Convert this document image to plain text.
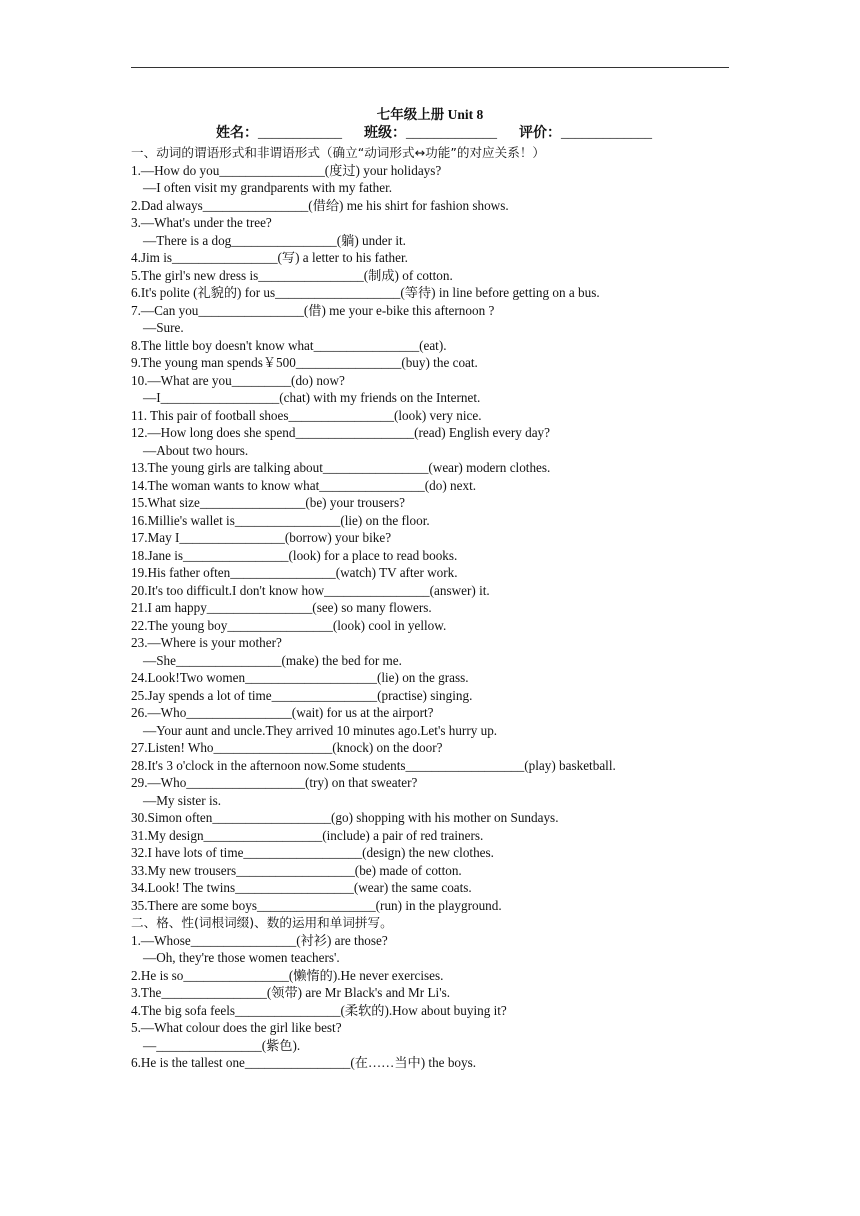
七年级上册 Unit 8
姓名：____________ 班级：_____________ 评价：_____________
一、动词的谓语形式和非谓语形式（确立“动词形式↔功能”的对应关系！）
1.—How do you________________(度过) your holidays?
—I often visit my grandparents with my father.
2.Dad always________________(借给) me his shirt for fashion shows.
3.—What's under the tree?
—There is a dog________________(躺) under it.
4.Jim is________________(写) a letter to his father.
5.The girl's new dress is________________(制成) of cotton.
6.It's polite (礼貌的) for us___________________(等待) in line before getting on a bus.
7.—Can you________________(借) me your e-bike this afternoon ?
—Sure.
8.The little boy doesn't know what________________(eat).
9.The young man spends￥500________________(buy) the coat.
10.—What are you_________(do) now?
—I__________________(chat) with my friends on the Internet.
11. This pair of football shoes________________(look) very nice.
12.—How long does she spend__________________(read) English every day?
—About two hours.
13.The young girls are talking about________________(wear) modern clothes.
14.The woman wants to know what________________(do) next.
15.What size________________(be) your trousers?
16.Millie's wallet is________________(lie) on the floor.
17.May I________________(borrow) your bike?
18.Jane is________________(look) for a place to read books.
19.His father often________________(watch) TV after work.
20.It's too difficult.I don't know how________________(answer) it.
21.I am happy________________(see) so many flowers.
22.The young boy________________(look) cool in yellow.
23.—Where is your mother?
—She________________(make) the bed for me.
24.Look!Two women____________________(lie) on the grass.
25.Jay spends a lot of time________________(practise) singing.
26.—Who________________(wait) for us at the airport?
—Your aunt and uncle.They arrived 10 minutes ago.Let's hurry up.
27.Listen! Who__________________(knock) on the door?
28.It's 3 o'clock in the afternoon now.Some students__________________(play) basketball.
29.—Who__________________(try) on that sweater?
—My sister is.
30.Simon often__________________(go) shopping with his mother on Sundays.
31.My design__________________(include) a pair of red trainers.
32.I have lots of time__________________(design) the new clothes.
33.My new trousers__________________(be) made of cotton.
34.Look! The twins__________________(wear) the same coats.
35.There are some boys__________________(run) in the playground.
二、格、性(词根词缀)、数的运用和单词拼写。
1.—Whose________________(衬衫) are those?
—Oh, they're those women teachers'.
2.He is so________________(懒惰的).He never exercises.
3.The________________(领带) are Mr Black's and Mr Li's.
4.The big sofa feels________________(柔软的).How about buying it?
5.—What colour does the girl like best?
—________________(紫色).
6.He is the tallest one________________(在……当中) the boys.
